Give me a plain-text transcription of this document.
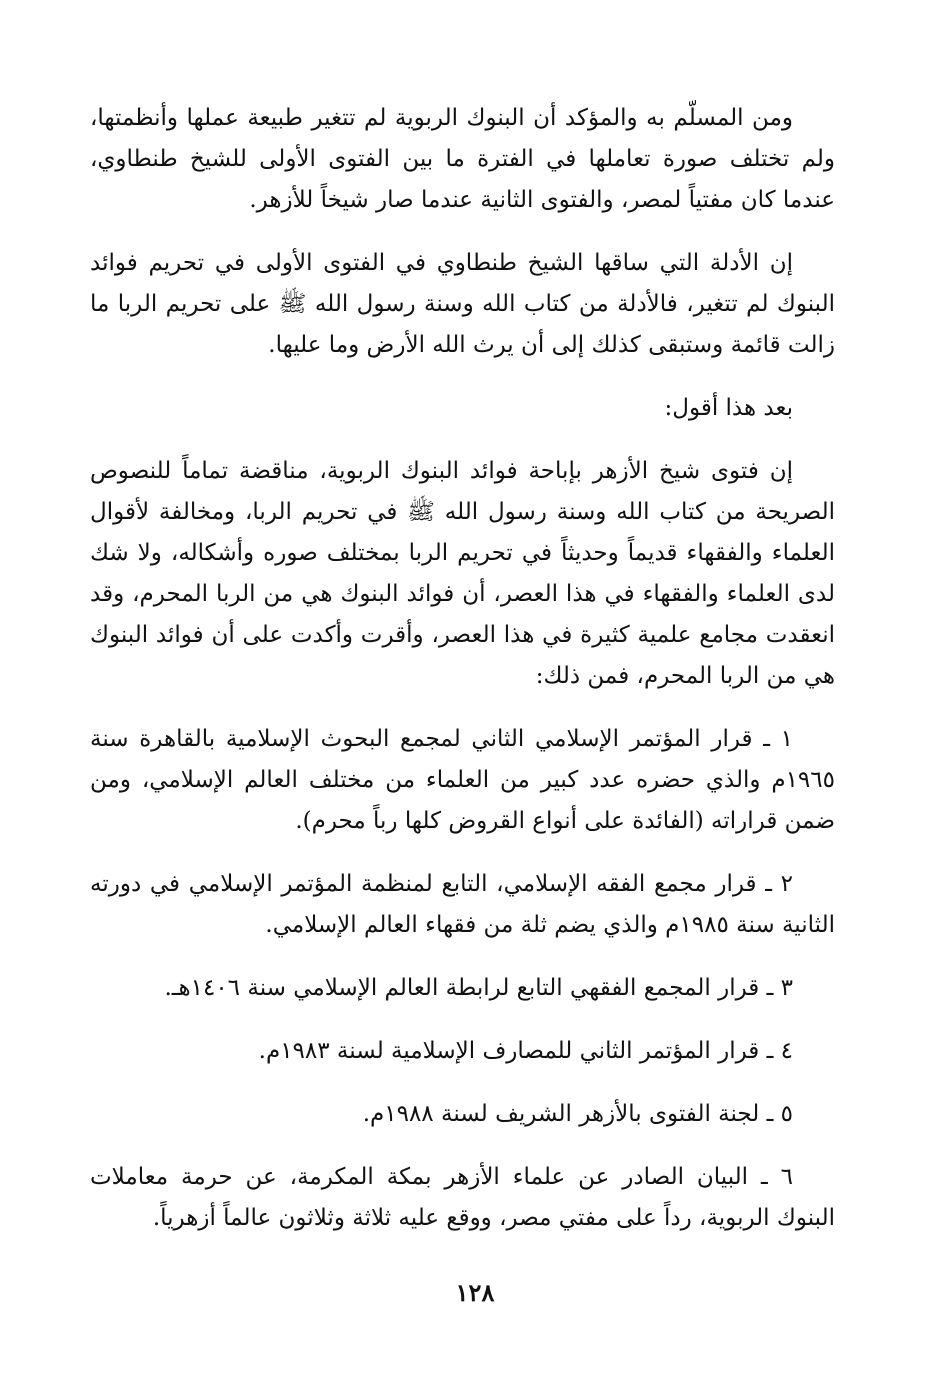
ومن المسلّم به والمؤكد أن البنوك الربوية لم تتغير طبيعة عملها وأنظمتها، ولم تختلف صورة تعاملها في الفترة ما بين الفتوى الأولى للشيخ طنطاوي، عندما كان مفتياً لمصر، والفتوى الثانية عندما صار شيخاً للأزهر.

إن الأدلة التي ساقها الشيخ طنطاوي في الفتوى الأولى في تحريم فوائد البنوك لم تتغير، فالأدلة من كتاب الله وسنة رسول الله ﷺ على تحريم الربا ما زالت قائمة وستبقى كذلك إلى أن يرث الله الأرض وما عليها.

بعد هذا أقول:

إن فتوى شيخ الأزهر بإباحة فوائد البنوك الربوية، مناقضة تماماً للنصوص الصريحة من كتاب الله وسنة رسول الله ﷺ في تحريم الربا، ومخالفة لأقوال العلماء والفقهاء قديماً وحديثاً في تحريم الربا بمختلف صوره وأشكاله، ولا شك لدى العلماء والفقهاء في هذا العصر، أن فوائد البنوك هي من الربا المحرم، وقد انعقدت مجامع علمية كثيرة في هذا العصر، وأقرت وأكدت على أن فوائد البنوك هي من الربا المحرم، فمن ذلك:

١ ـ قرار المؤتمر الإسلامي الثاني لمجمع البحوث الإسلامية بالقاهرة سنة ١٩٦٥م والذي حضره عدد كبير من العلماء من مختلف العالم الإسلامي، ومن ضمن قراراته (الفائدة على أنواع القروض كلها رباً محرم).

٢ ـ قرار مجمع الفقه الإسلامي، التابع لمنظمة المؤتمر الإسلامي في دورته الثانية سنة ١٩٨٥م والذي يضم ثلة من فقهاء العالم الإسلامي.

٣ ـ قرار المجمع الفقهي التابع لرابطة العالم الإسلامي سنة ١٤٠٦هـ.

٤ ـ قرار المؤتمر الثاني للمصارف الإسلامية لسنة ١٩٨٣م.

٥ ـ لجنة الفتوى بالأزهر الشريف لسنة ١٩٨٨م.

٦ ـ البيان الصادر عن علماء الأزهر بمكة المكرمة، عن حرمة معاملات البنوك الربوية، رداً على مفتي مصر، ووقع عليه ثلاثة وثلاثون عالماً أزهرياً.

١٢٨
